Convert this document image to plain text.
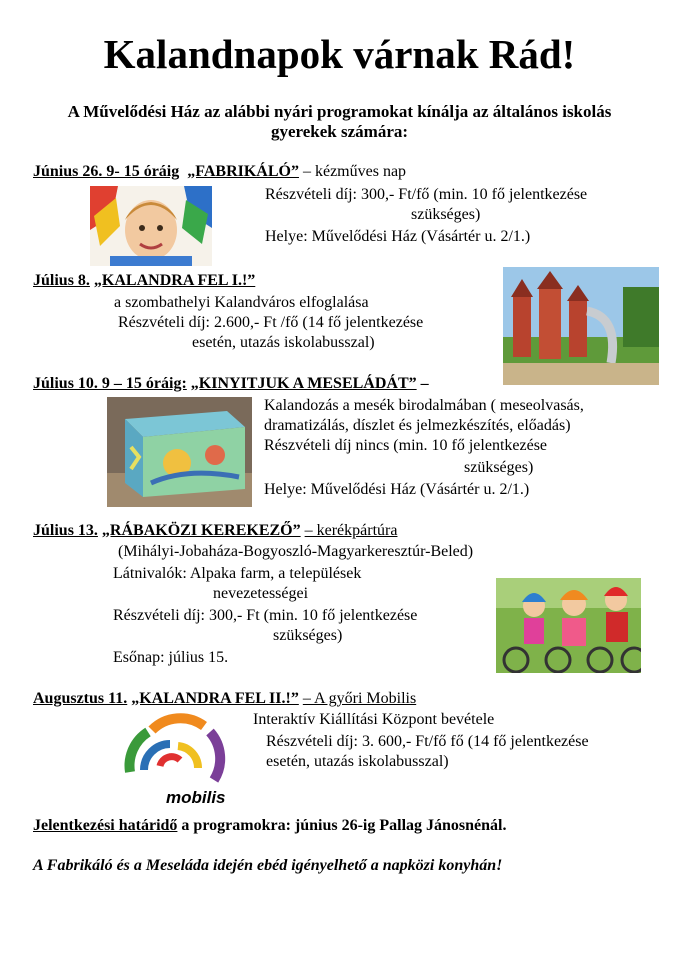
Kalandnapok várnak Rád!
A Művelődési Ház az alábbi nyári programokat kínálja az általános iskolás
gyerekek számára:
Június 26. 9- 15 óráig „FABRIKÁLÓ” – kézműves nap
Részvételi díj: 300,- Ft/fő (min. 10 fő jelentkezése
szükséges)
Helye: Művelődési Ház (Vásártér u. 2/1.)
Július 8. „KALANDRA FEL I.!”
a szombathelyi Kalandváros elfoglalása
Részvételi díj: 2.600,- Ft /fő (14 fő jelentkezése
esetén, utazás iskolabusszal)
Július 10. 9 – 15 óráig: „KINYITJUK A MESELÁDÁT” –
Kalandozás a mesék birodalmában ( meseolvasás,
dramatizálás, díszlet és jelmezkészítés, előadás)
Részvételi díj nincs (min. 10 fő jelentkezése
szükséges)
Helye: Művelődési Ház (Vásártér u. 2/1.)
Július 13. „RÁBAKÖZI KEREKEZŐ” – kerékpártúra
(Mihályi-Jobaháza-Bogyoszló-Magyarkeresztúr-Beled)
Látnivalók: Alpaka farm, a települések
nevezetességei
Részvételi díj: 300,- Ft (min. 10 fő jelentkezése
szükséges)
Esőnap: július 15.
Augusztus 11. „KALANDRA FEL II.!” – A győri Mobilis
Interaktív Kiállítási Központ bevétele
Részvételi díj: 3. 600,- Ft/fő fő (14 fő jelentkezése
esetén, utazás iskolabusszal)
mobilis
Jelentkezési határidő a programokra: június 26-ig Pallag Jánosnénál.
A Fabrikáló és a Meseláda idején ebéd igényelhető a napközi konyhán!
